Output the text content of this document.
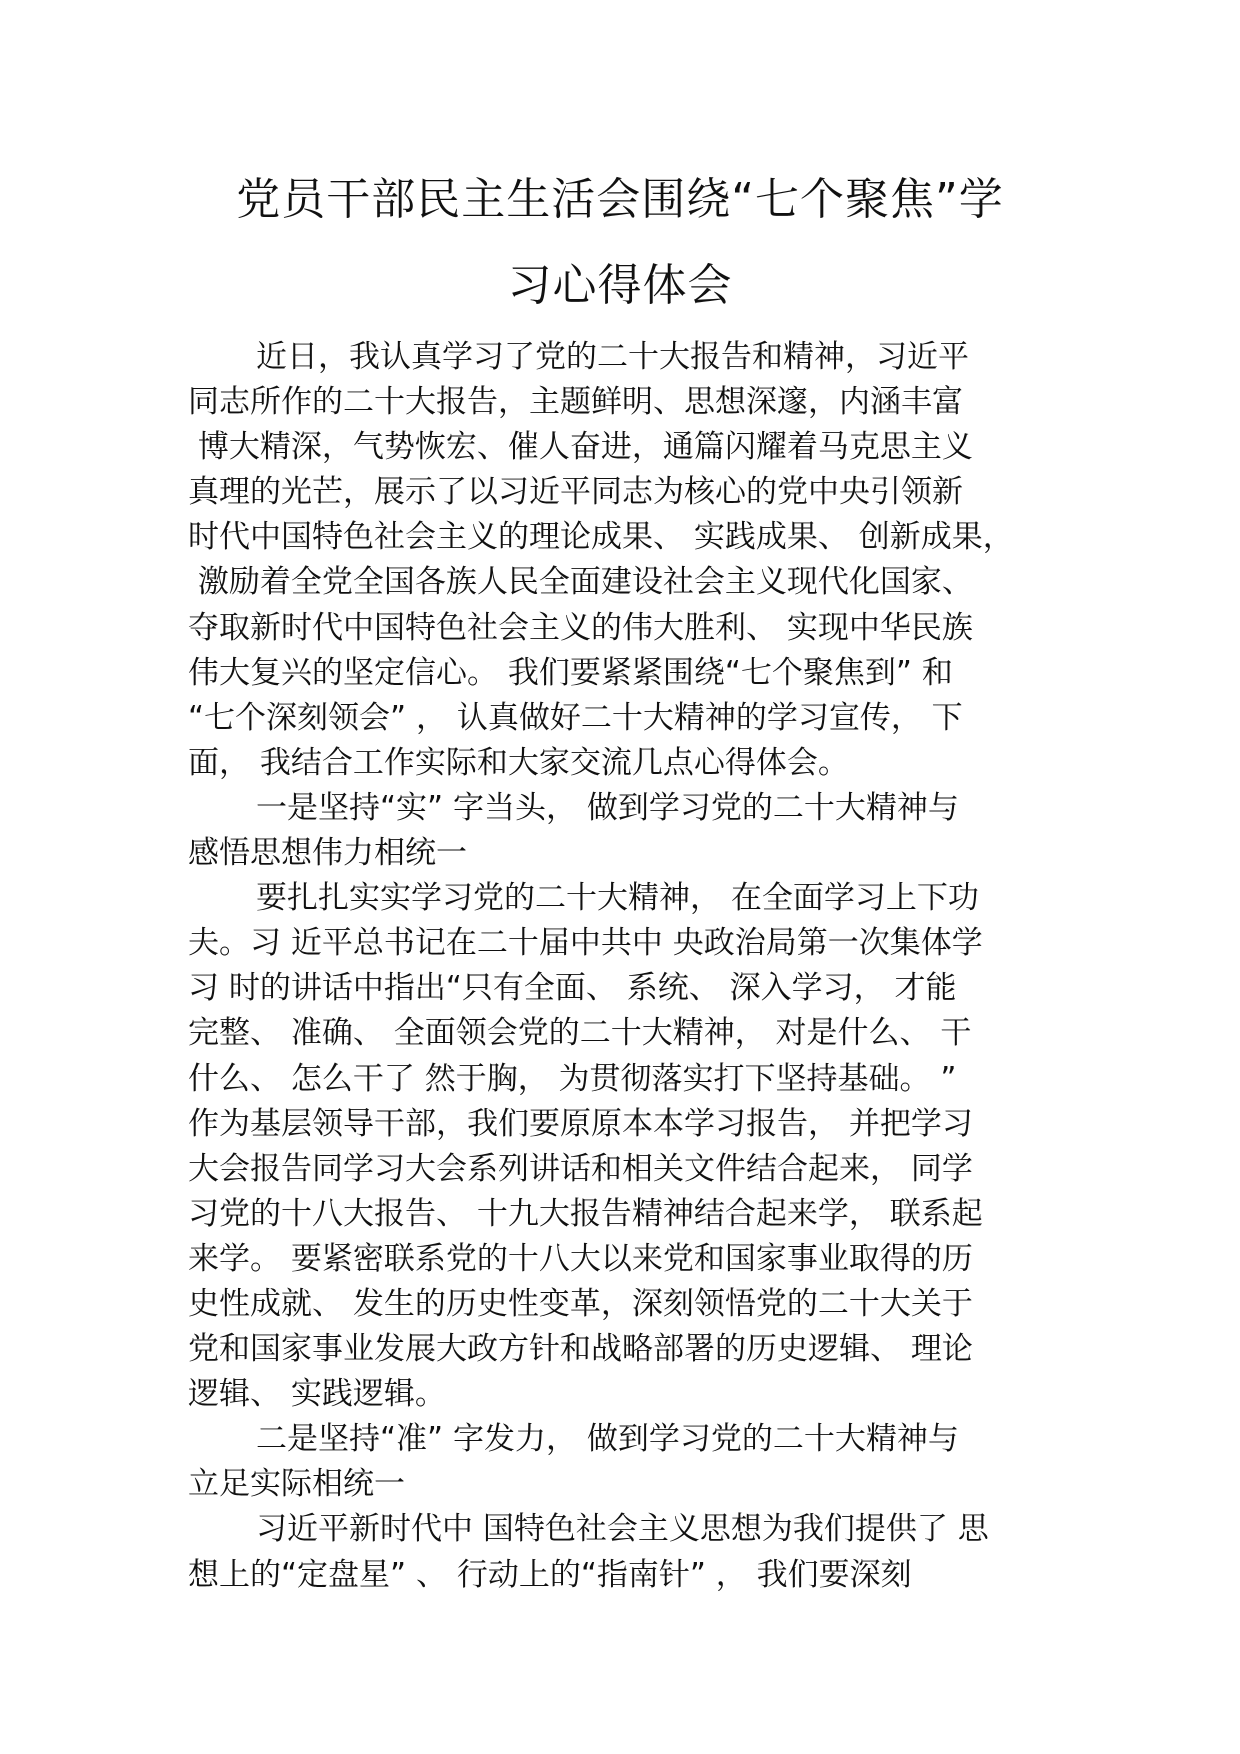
党员干部民主生活会围绕“七个聚焦”学
习心得体会
近日，我认真学习了党的二十大报告和精神，习近平
同志所作的二十大报告，主题鲜明、思想深邃，内涵丰富
博大精深，气势恢宏、催人奋进，通篇闪耀着马克思主义
真理的光芒，展示了以习近平同志为核心的党中央引领新
时代中国特色社会主义的理论成果、 实践成果、 创新成果，
激励着全党全国各族人民全面建设社会主义现代化国家、
夺取新时代中国特色社会主义的伟大胜利、 实现中华民族
伟大复兴的坚定信心。 我们要紧紧围绕“七个聚焦到” 和
“七个深刻领会” ， 认真做好二十大精神的学习宣传， 下
面， 我结合工作实际和大家交流几点心得体会。
一是坚持“实” 字当头， 做到学习党的二十大精神与
感悟思想伟力相统一
要扎扎实实学习党的二十大精神， 在全面学习上下功
夫。习 近平总书记在二十届中共中 央政治局第一次集体学
习 时的讲话中指出“只有全面、 系统、 深入学习， 才能
完整、 准确、 全面领会党的二十大精神， 对是什么、 干
什么、 怎么干了 然于胸， 为贯彻落实打下坚持基础。 ”
作为基层领导干部，我们要原原本本学习报告， 并把学习
大会报告同学习大会系列讲话和相关文件结合起来， 同学
习党的十八大报告、 十九大报告精神结合起来学， 联系起
来学。 要紧密联系党的十八大以来党和国家事业取得的历
史性成就、 发生的历史性变革，深刻领悟党的二十大关于
党和国家事业发展大政方针和战略部署的历史逻辑、 理论
逻辑、 实践逻辑。
二是坚持“准” 字发力， 做到学习党的二十大精神与
立足实际相统一
习近平新时代中 国特色社会主义思想为我们提供了 思
想上的“定盘星” 、 行动上的“指南针” ， 我们要深刻
